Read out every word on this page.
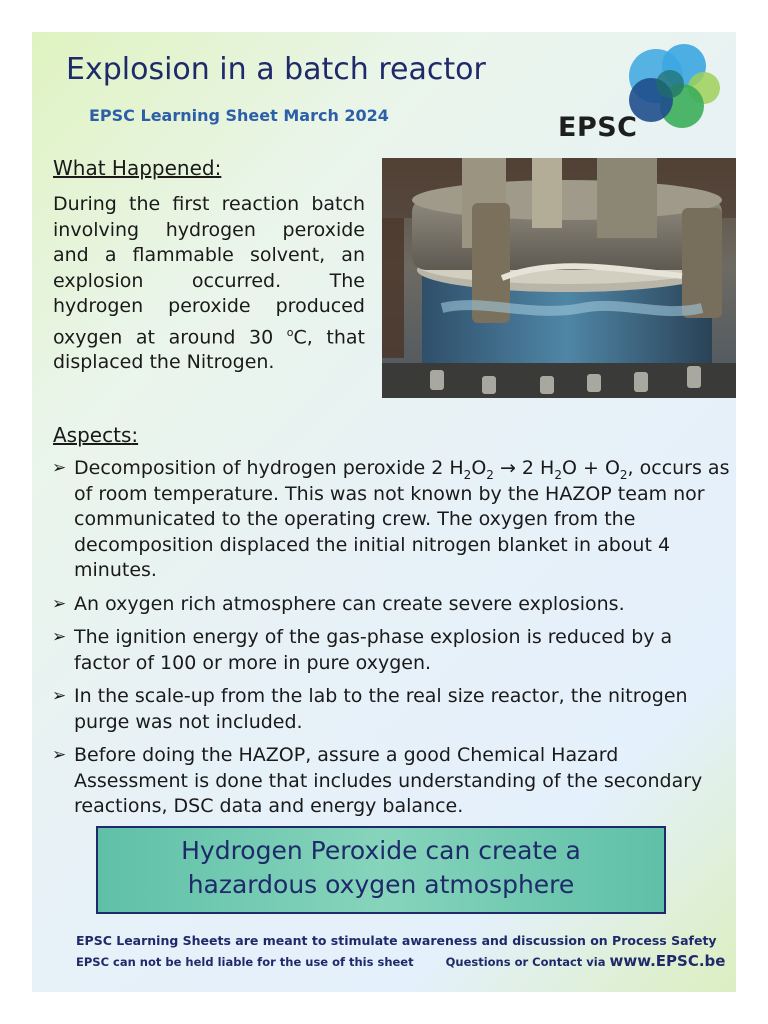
Explosion in a batch reactor
EPSC Learning Sheet March 2024	EPSC
What Happened:
During the first reaction batch involving hydrogen peroxide and a flammable solvent, an explosion occurred. The hydrogen peroxide produced oxygen at around 30 $^o$C, that displaced the Nitrogen.
Aspects:
➢ Decomposition of hydrogen peroxide 2 $H_2O_2 \to 2$ $H_2O + O_2$, occurs as of room temperature. This was not known by the HAZOP team nor communicated to the operating crew. The oxygen from the decomposition displaced the initial nitrogen blanket in about 4 minutes.
➢ An oxygen rich atmosphere can create severe explosions.
➢ The ignition energy of the gas-phase explosion is reduced by a factor of 100 or more in pure oxygen.
➢ In the scale-up from the lab to the real size reactor, the nitrogen purge was not included.
➢ Before doing the HAZOP, assure a good Chemical Hazard Assessment is done that includes understanding of the secondary reactions, DSC data and energy balance.
Hydrogen Peroxide can create a
hazardous oxygen atmosphere
EPSC Learning Sheets are meant to stimulate awareness and discussion on Process Safety
EPSC can not be held liable for the use of this sheet	Questions or Contact via www.EPSC.be
